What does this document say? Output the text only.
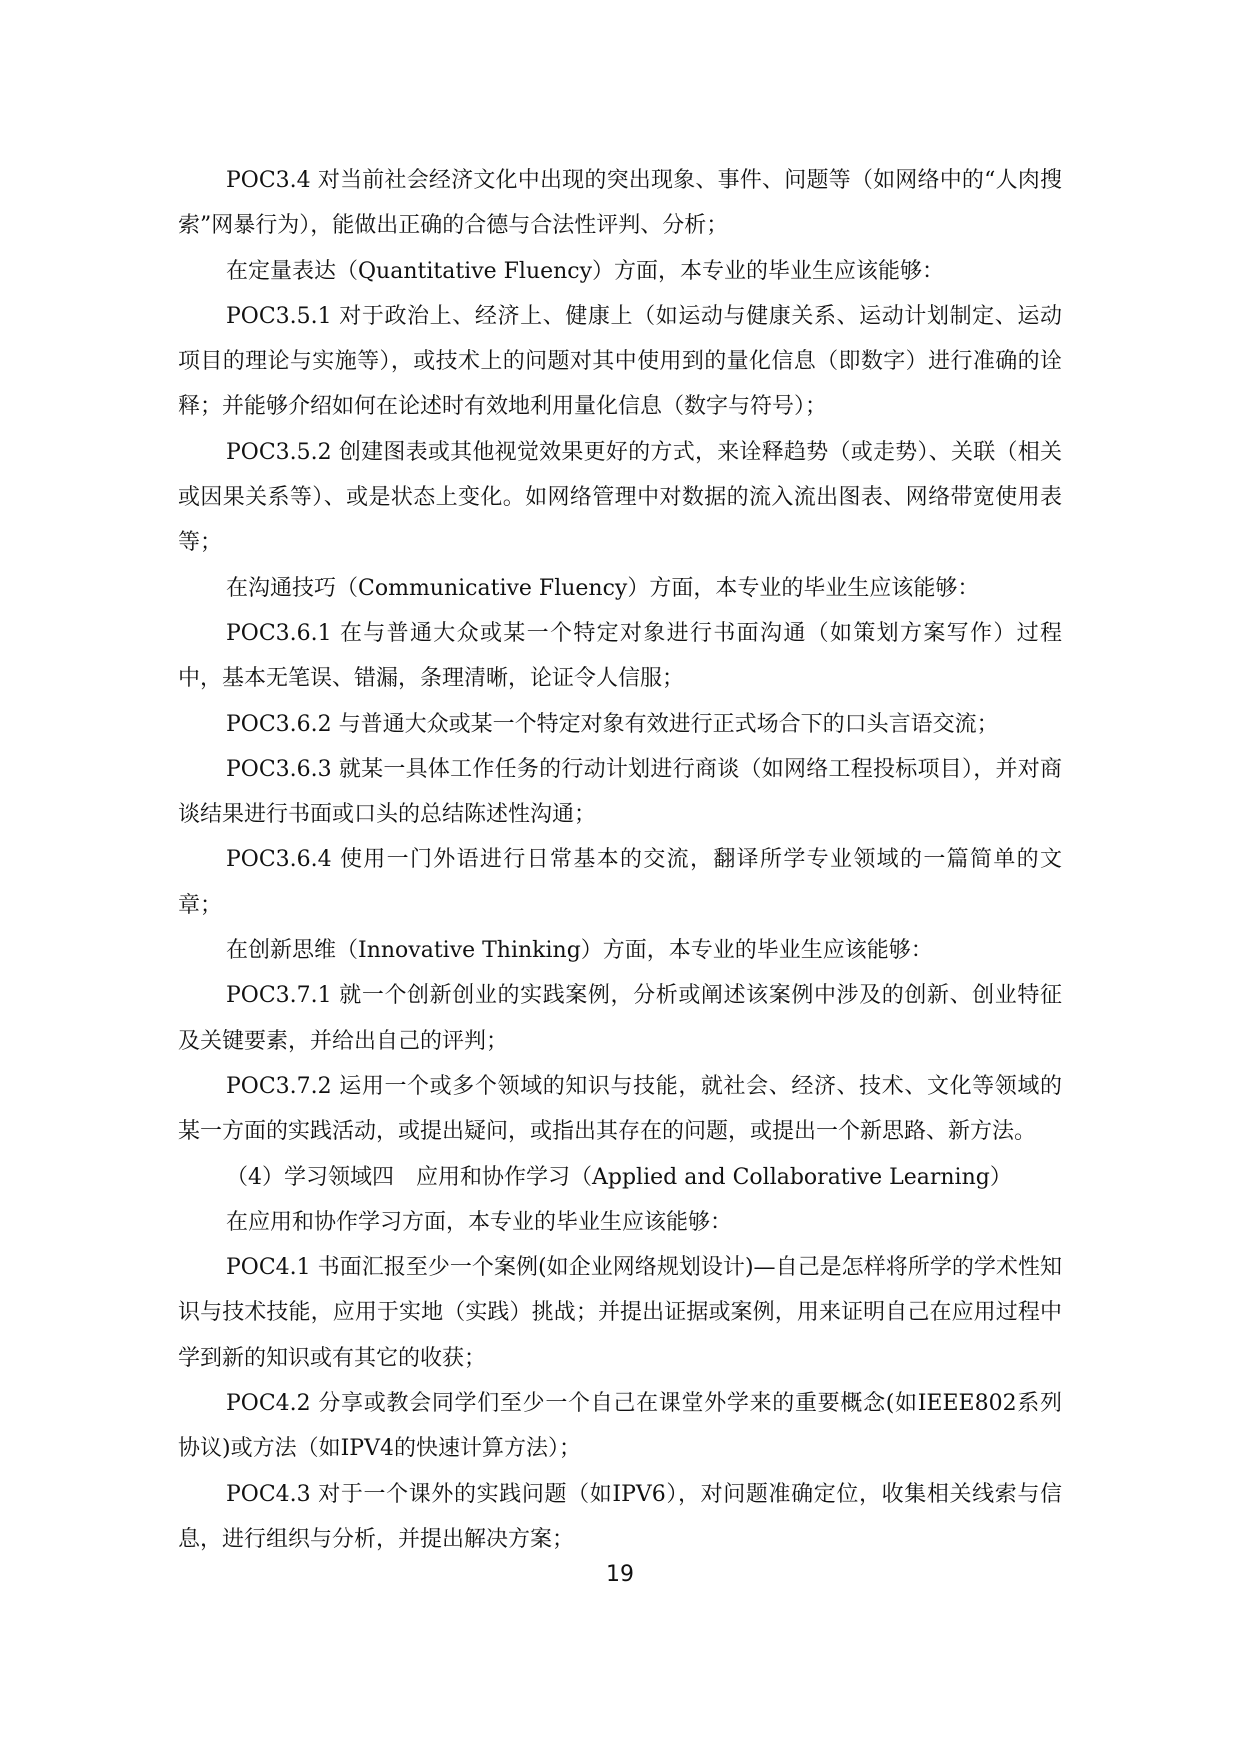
POC3.4 对当前社会经济文化中出现的突出现象、事件、问题等（如网络中的“人肉搜索”网暴行为），能做出正确的合德与合法性评判、分析；

在定量表达（Quantitative Fluency）方面，本专业的毕业生应该能够：

POC3.5.1 对于政治上、经济上、健康上（如运动与健康关系、运动计划制定、运动项目的理论与实施等），或技术上的问题对其中使用到的量化信息（即数字）进行准确的诠释；并能够介绍如何在论述时有效地利用量化信息（数字与符号）；

POC3.5.2 创建图表或其他视觉效果更好的方式，来诠释趋势（或走势）、关联（相关或因果关系等）、或是状态上变化。如网络管理中对数据的流入流出图表、网络带宽使用表等；

在沟通技巧（Communicative Fluency）方面，本专业的毕业生应该能够：

POC3.6.1 在与普通大众或某一个特定对象进行书面沟通（如策划方案写作）过程中，基本无笔误、错漏，条理清晰，论证令人信服；

POC3.6.2 与普通大众或某一个特定对象有效进行正式场合下的口头言语交流；

POC3.6.3 就某一具体工作任务的行动计划进行商谈（如网络工程投标项目），并对商谈结果进行书面或口头的总结陈述性沟通；

POC3.6.4 使用一门外语进行日常基本的交流，翻译所学专业领域的一篇简单的文章；

在创新思维（Innovative Thinking）方面，本专业的毕业生应该能够：

POC3.7.1 就一个创新创业的实践案例，分析或阐述该案例中涉及的创新、创业特征及关键要素，并给出自己的评判；

POC3.7.2 运用一个或多个领域的知识与技能，就社会、经济、技术、文化等领域的某一方面的实践活动，或提出疑问，或指出其存在的问题，或提出一个新思路、新方法。

（4）学习领域四　应用和协作学习（Applied and Collaborative Learning）

在应用和协作学习方面，本专业的毕业生应该能够：

POC4.1 书面汇报至少一个案例(如企业网络规划设计)—自己是怎样将所学的学术性知识与技术技能，应用于实地（实践）挑战；并提出证据或案例，用来证明自己在应用过程中学到新的知识或有其它的收获；

POC4.2 分享或教会同学们至少一个自己在课堂外学来的重要概念(如IEEE802系列协议)或方法（如IPV4的快速计算方法）；

POC4.3 对于一个课外的实践问题（如IPV6），对问题准确定位，收集相关线索与信息，进行组织与分析，并提出解决方案；

19
